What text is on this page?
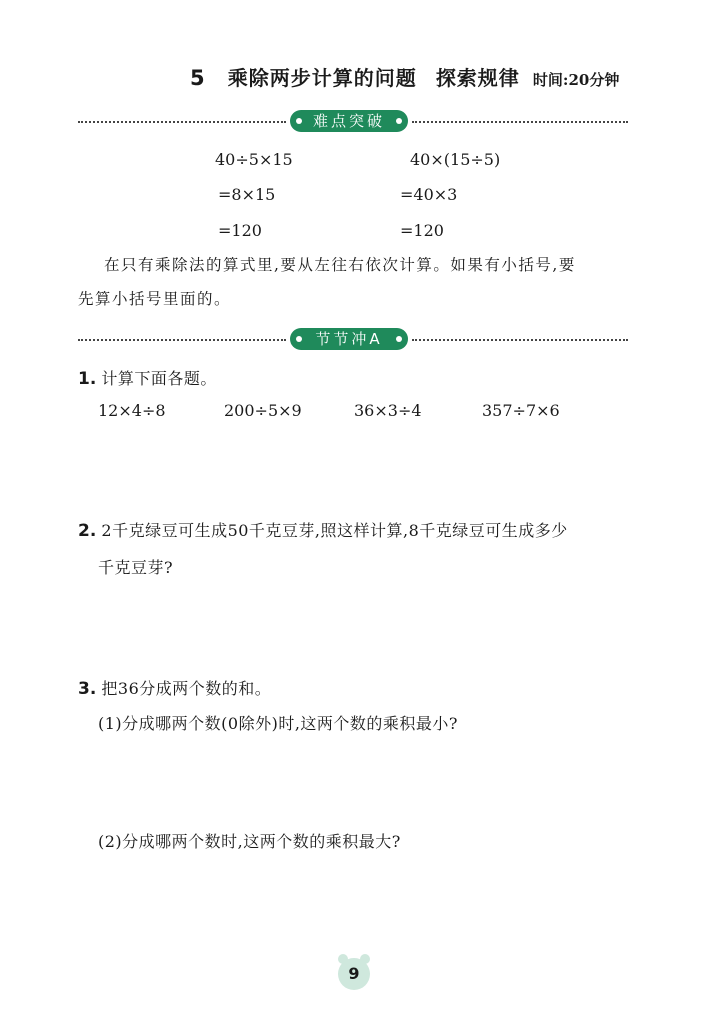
5 乘除两步计算的问题 探索规律 时间:20分钟
难点突破
40÷5×15
=8×15
=120
40×(15÷5)
=40×3
=120
在只有乘除法的算式里,要从左往右依次计算。如果有小括号,要
先算小括号里面的。
节节冲A
1. 计算下面各题。
12×4÷8	200÷5×9	36×3÷4	357÷7×6
2. 2千克绿豆可生成50千克豆芽,照这样计算,8千克绿豆可生成多少
千克豆芽?
3. 把36分成两个数的和。
(1)分成哪两个数(0除外)时,这两个数的乘积最小?
(2)分成哪两个数时,这两个数的乘积最大?
9
